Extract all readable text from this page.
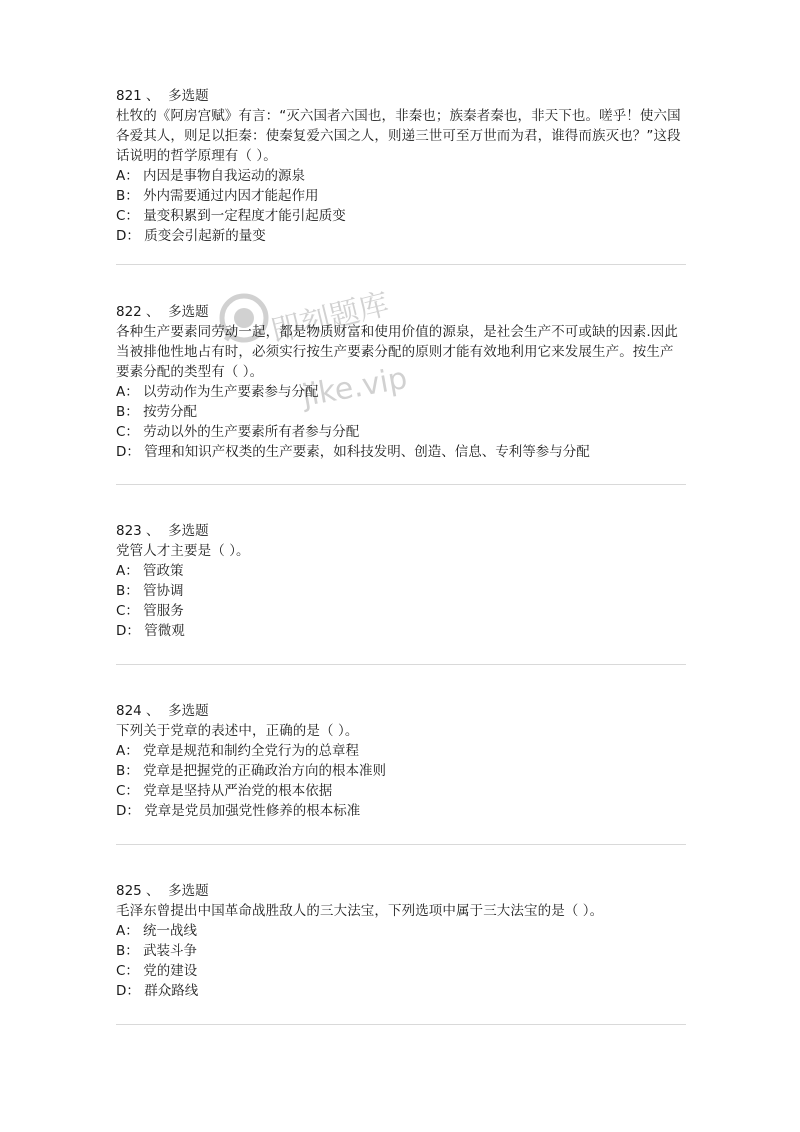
即刻题库
jike.vip
821 、 多选题
杜牧的《阿房宫赋》有言：“灭六国者六国也，非秦也；族秦者秦也，非天下也。嗟乎！使六国各爱其人，则足以拒秦：使秦复爱六国之人，则递三世可至万世而为君，谁得而族灭也？”这段话说明的哲学原理有（ ）。
A： 内因是事物自我运动的源泉
B： 外内需要通过内因才能起作用
C： 量变积累到一定程度才能引起质变
D： 质变会引起新的量变
822 、 多选题
各种生产要素同劳动一起，都是物质财富和使用价值的源泉，是社会生产不可或缺的因素.因此当被排他性地占有时，必须实行按生产要素分配的原则才能有效地利用它来发展生产。按生产要素分配的类型有（ ）。
A： 以劳动作为生产要素参与分配
B： 按劳分配
C： 劳动以外的生产要素所有者参与分配
D： 管理和知识产权类的生产要素，如科技发明、创造、信息、专利等参与分配
823 、 多选题
党管人才主要是（ ）。
A： 管政策
B： 管协调
C： 管服务
D： 管微观
824 、 多选题
下列关于党章的表述中，正确的是（ ）。
A： 党章是规范和制约全党行为的总章程
B： 党章是把握党的正确政治方向的根本准则
C： 党章是坚持从严治党的根本依据
D： 党章是党员加强党性修养的根本标准
825 、 多选题
毛泽东曾提出中国革命战胜敌人的三大法宝，下列选项中属于三大法宝的是（ ）。
A： 统一战线
B： 武装斗争
C： 党的建设
D： 群众路线
